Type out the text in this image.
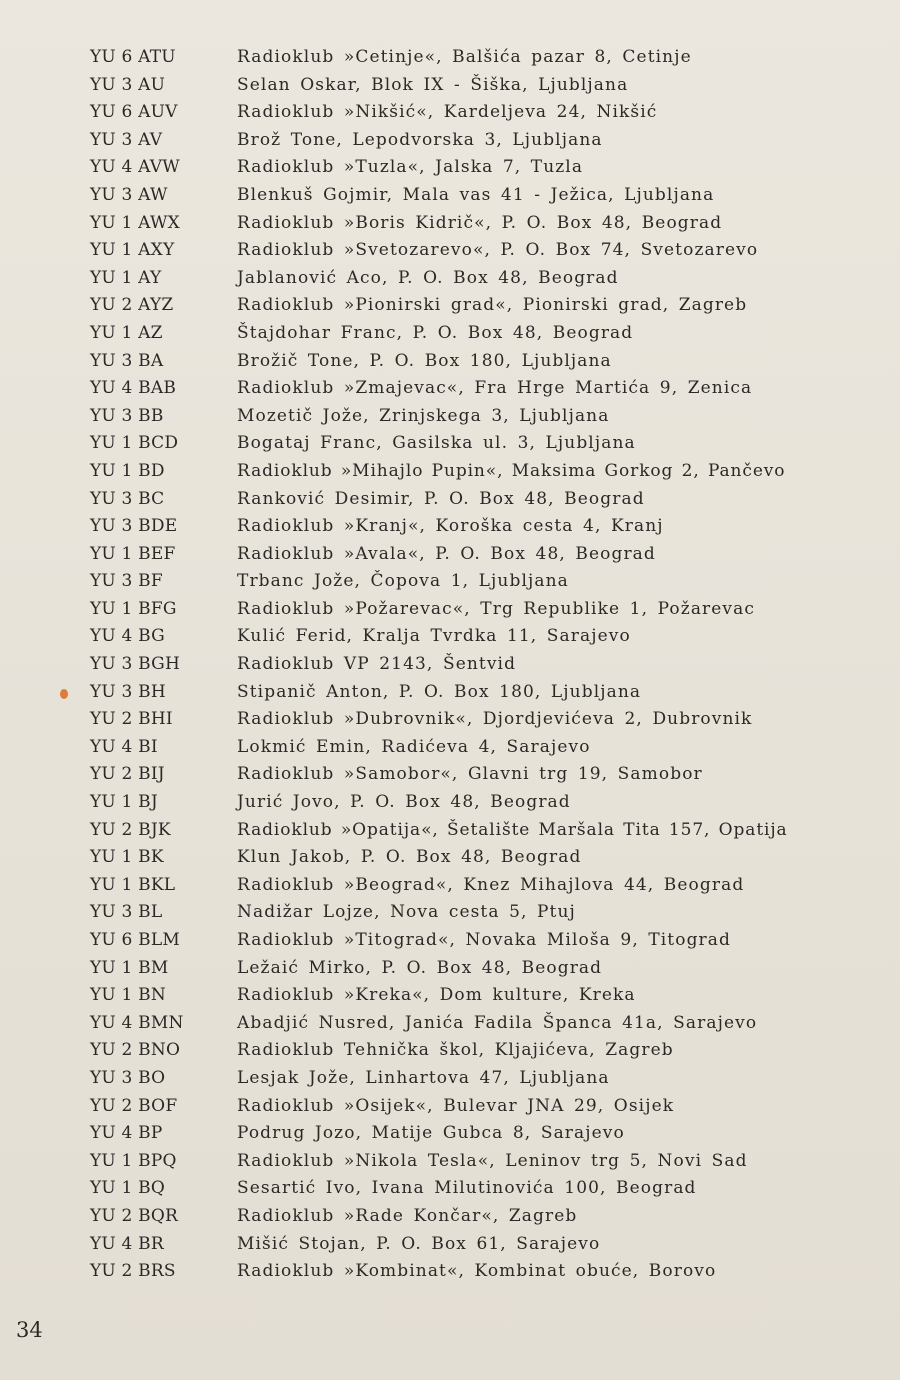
YU 6 ATU	Radioklub »Cetinje«, Balšića pazar 8, Cetinje
YU 3 AU	Selan Oskar, Blok IX - Šiška, Ljubljana
YU 6 AUV	Radioklub »Nikšić«, Kardeljeva 24, Nikšić
YU 3 AV	Brož Tone, Lepodvorska 3, Ljubljana
YU 4 AVW	Radioklub »Tuzla«, Jalska 7, Tuzla
YU 3 AW	Blenkuš Gojmir, Mala vas 41 - Ježica, Ljubljana
YU 1 AWX	Radioklub »Boris Kidrič«, P. O. Box 48, Beograd
YU 1 AXY	Radioklub »Svetozarevo«, P. O. Box 74, Svetozarevo
YU 1 AY	Jablanović Aco, P. O. Box 48, Beograd
YU 2 AYZ	Radioklub »Pionirski grad«, Pionirski grad, Zagreb
YU 1 AZ	Štajdohar Franc, P. O. Box 48, Beograd
YU 3 BA	Brožič Tone, P. O. Box 180, Ljubljana
YU 4 BAB	Radioklub »Zmajevac«, Fra Hrge Martića 9, Zenica
YU 3 BB	Mozetič Jože, Zrinjskega 3, Ljubljana
YU 1 BCD	Bogataj Franc, Gasilska ul. 3, Ljubljana
YU 1 BD	Radioklub »Mihajlo Pupin«, Maksima Gorkog 2, Pančevo
YU 3 BC	Ranković Desimir, P. O. Box 48, Beograd
YU 3 BDE	Radioklub »Kranj«, Koroška cesta 4, Kranj
YU 1 BEF	Radioklub »Avala«, P. O. Box 48, Beograd
YU 3 BF	Trbanc Jože, Čopova 1, Ljubljana
YU 1 BFG	Radioklub »Požarevac«, Trg Republike 1, Požarevac
YU 4 BG	Kulić Ferid, Kralja Tvrdka 11, Sarajevo
YU 3 BGH	Radioklub VP 2143, Šentvid
YU 3 BH	Stipanič Anton, P. O. Box 180, Ljubljana
YU 2 BHI	Radioklub »Dubrovnik«, Djordjevićeva 2, Dubrovnik
YU 4 BI	Lokmić Emin, Radićeva 4, Sarajevo
YU 2 BIJ	Radioklub »Samobor«, Glavni trg 19, Samobor
YU 1 BJ	Jurić Jovo, P. O. Box 48, Beograd
YU 2 BJK	Radioklub »Opatija«, Šetalište Maršala Tita 157, Opatija
YU 1 BK	Klun Jakob, P. O. Box 48, Beograd
YU 1 BKL	Radioklub »Beograd«, Knez Mihajlova 44, Beograd
YU 3 BL	Nadižar Lojze, Nova cesta 5, Ptuj
YU 6 BLM	Radioklub »Titograd«, Novaka Miloša 9, Titograd
YU 1 BM	Ležaić Mirko, P. O. Box 48, Beograd
YU 1 BN	Radioklub »Kreka«, Dom kulture, Kreka
YU 4 BMN	Abadjić Nusred, Janića Fadila Španca 41a, Sarajevo
YU 2 BNO	Radioklub Tehnička škol, Kljajićeva, Zagreb
YU 3 BO	Lesjak Jože, Linhartova 47, Ljubljana
YU 2 BOF	Radioklub »Osijek«, Bulevar JNA 29, Osijek
YU 4 BP	Podrug Jozo, Matije Gubca 8, Sarajevo
YU 1 BPQ	Radioklub »Nikola Tesla«, Leninov trg 5, Novi Sad
YU 1 BQ	Sesartić Ivo, Ivana Milutinovića 100, Beograd
YU 2 BQR	Radioklub »Rade Končar«, Zagreb
YU 4 BR	Mišić Stojan, P. O. Box 61, Sarajevo
YU 2 BRS	Radioklub »Kombinat«, Kombinat obuće, Borovo
34
